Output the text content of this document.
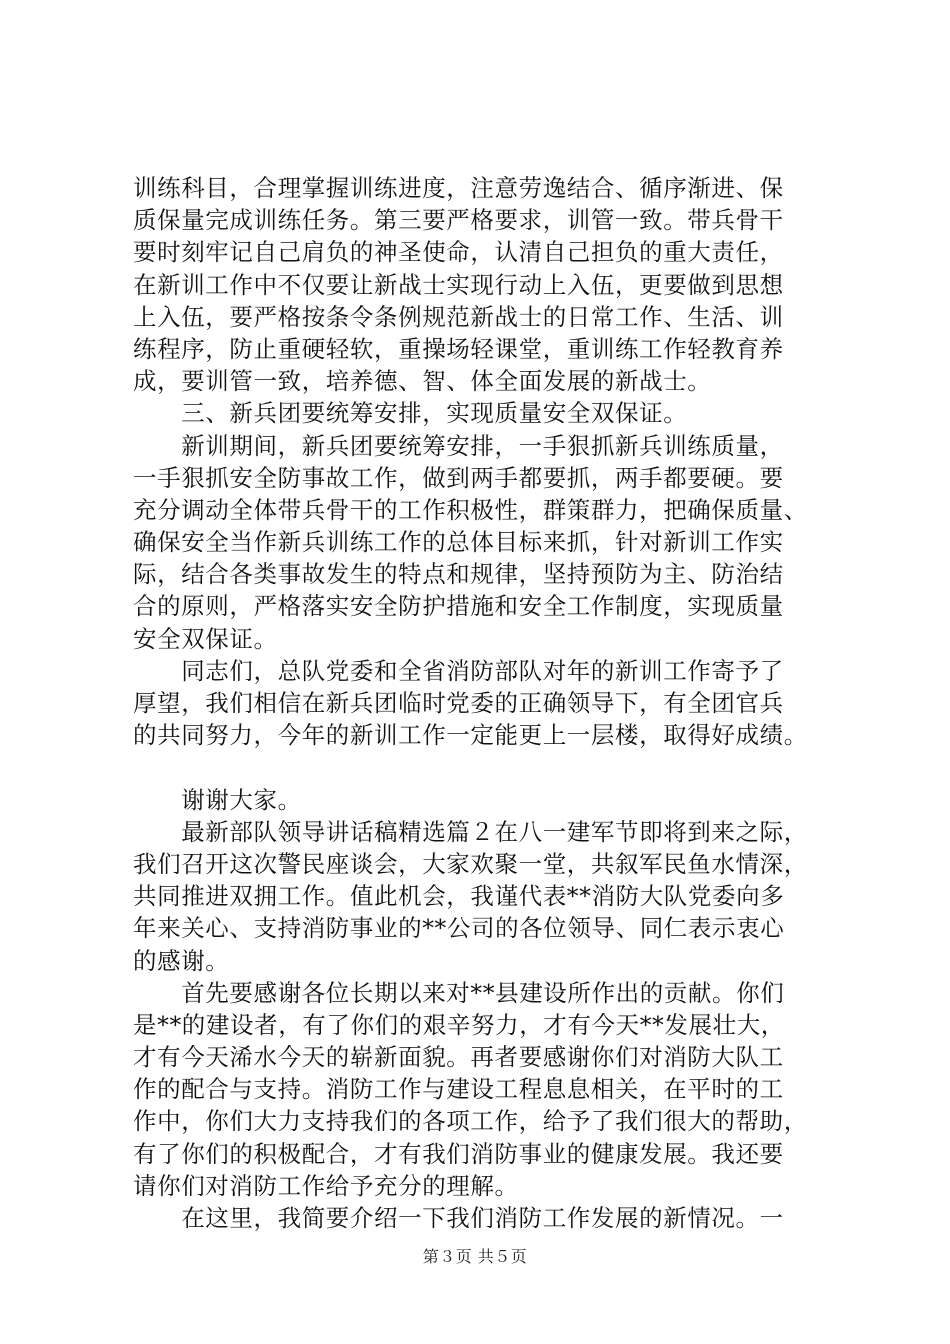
训练科目，合理掌握训练进度，注意劳逸结合、循序渐进、保
质保量完成训练任务。第三要严格要求，训管一致。带兵骨干
要时刻牢记自己肩负的神圣使命，认清自己担负的重大责任，
在新训工作中不仅要让新战士实现行动上入伍，更要做到思想
上入伍，要严格按条令条例规范新战士的日常工作、生活、训
练程序，防止重硬轻软，重操场轻课堂，重训练工作轻教育养
成，要训管一致，培养德、智、体全面发展的新战士。
　　三、新兵团要统筹安排，实现质量安全双保证。
　　新训期间，新兵团要统筹安排，一手狠抓新兵训练质量，
一手狠抓安全防事故工作，做到两手都要抓，两手都要硬。要
充分调动全体带兵骨干的工作积极性，群策群力，把确保质量、
确保安全当作新兵训练工作的总体目标来抓，针对新训工作实
际，结合各类事故发生的特点和规律，坚持预防为主、防治结
合的原则，严格落实安全防护措施和安全工作制度，实现质量
安全双保证。
　　同志们，总队党委和全省消防部队对年的新训工作寄予了
厚望，我们相信在新兵团临时党委的正确领导下，有全团官兵
的共同努力，今年的新训工作一定能更上一层楼，取得好成绩。
　　谢谢大家。
　　最新部队领导讲话稿精选篇２在八一建军节即将到来之际，
我们召开这次警民座谈会，大家欢聚一堂，共叙军民鱼水情深，
共同推进双拥工作。值此机会，我谨代表**消防大队党委向多
年来关心、支持消防事业的**公司的各位领导、同仁表示衷心
的感谢。
　　首先要感谢各位长期以来对**县建设所作出的贡献。你们
是**的建设者，有了你们的艰辛努力，才有今天**发展壮大，
才有今天浠水今天的崭新面貌。再者要感谢你们对消防大队工
作的配合与支持。消防工作与建设工程息息相关，在平时的工
作中，你们大力支持我们的各项工作，给予了我们很大的帮助，
有了你们的积极配合，才有我们消防事业的健康发展。我还要
请你们对消防工作给予充分的理解。
　　在这里，我简要介绍一下我们消防工作发展的新情况。一
第３页 共５页
